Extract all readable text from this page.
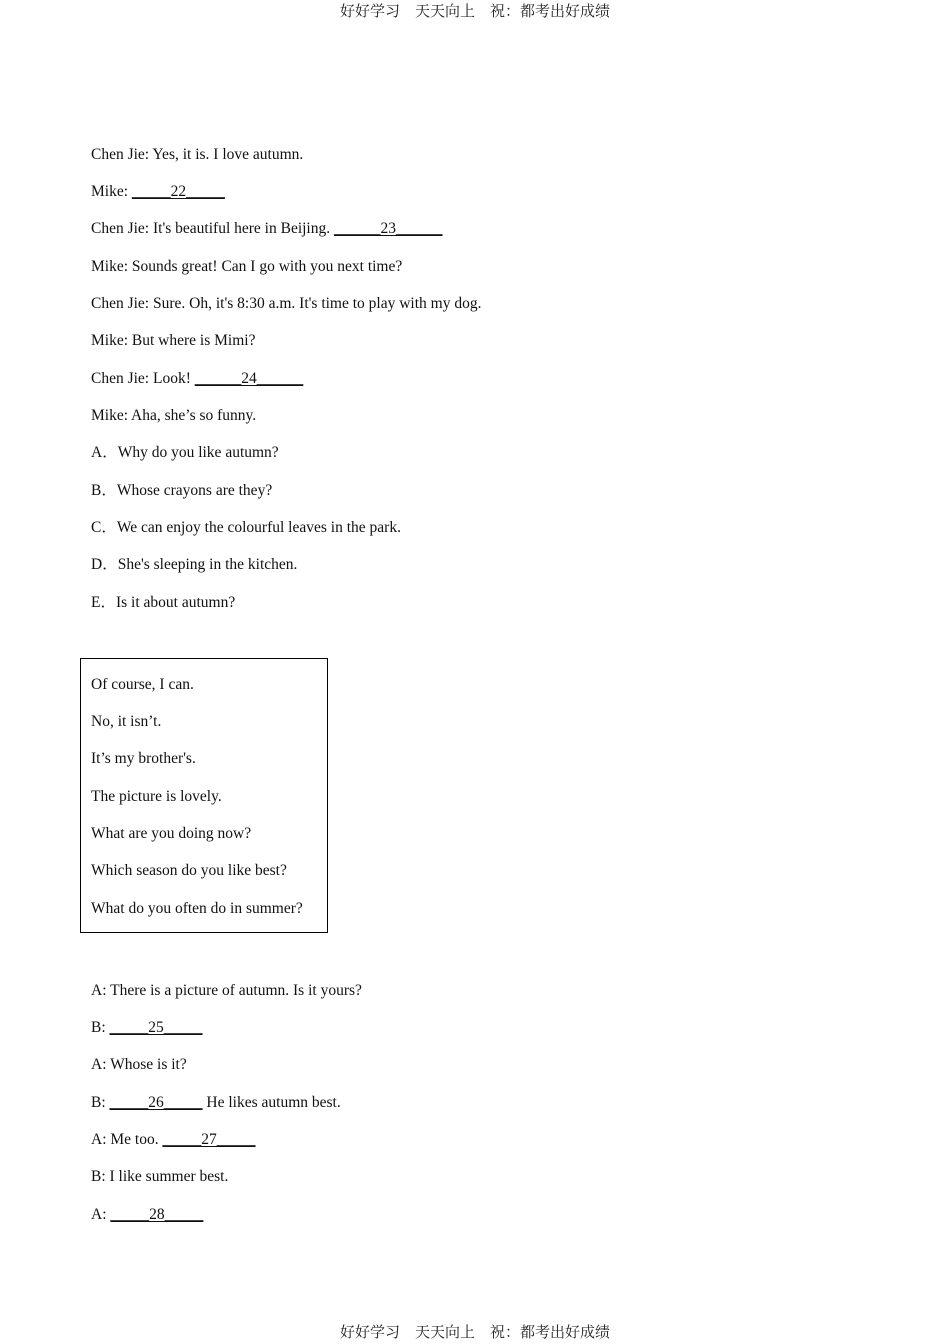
好好学习　天天向上　祝：都考出好成绩
Chen Jie: Yes, it is. I love autumn.
Mike: _____22_____
Chen Jie: It's beautiful here in Beijing. ______23______
Mike: Sounds great! Can I go with you next time?
Chen Jie: Sure. Oh, it's 8:30 a.m. It's time to play with my dog.
Mike: But where is Mimi?
Chen Jie: Look! ______24______
Mike: Aha, she’s so funny.
A．Why do you like autumn?
B．Whose crayons are they?
C．We can enjoy the colourful leaves in the park.
D．She's sleeping in the kitchen.
E．Is it about autumn?
Of course, I can.
No, it isn’t.
It’s my brother's.
The picture is lovely.
What are you doing now?
Which season do you like best?
What do you often do in summer?
A: There is a picture of autumn. Is it yours?
B: _____25_____
A: Whose is it?
B: _____26_____ He likes autumn best.
A: Me too. _____27_____
B: I like summer best.
A: _____28_____
好好学习　天天向上　祝：都考出好成绩
